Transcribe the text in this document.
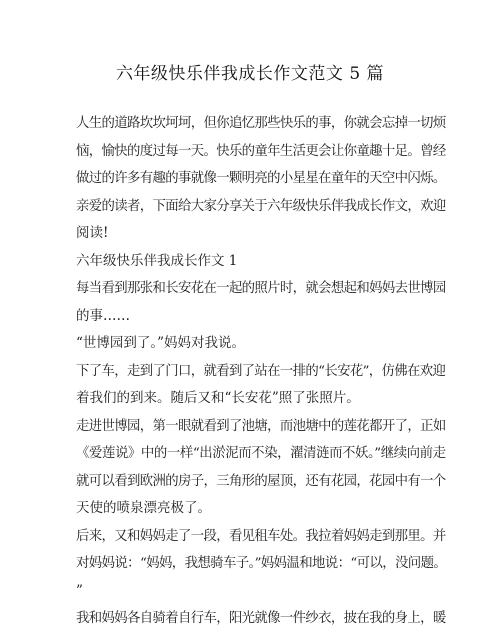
六年级快乐伴我成长作文范文 5 篇
人生的道路坎坎坷坷，但你追忆那些快乐的事，你就会忘掉一切烦
恼，愉快的度过每一天。快乐的童年生活更会让你童趣十足。曾经
做过的许多有趣的事就像一颗明亮的小星星在童年的天空中闪烁。
亲爱的读者，下面给大家分享关于六年级快乐伴我成长作文，欢迎
阅读!
六年级快乐伴我成长作文 1
每当看到那张和长安花在一起的照片时，就会想起和妈妈去世博园
的事……
“世博园到了。”妈妈对我说。
下了车，走到了门口，就看到了站在一排的“长安花”，仿佛在欢迎
着我们的到来。随后又和“长安花”照了张照片。
走进世博园，第一眼就看到了池塘，而池塘中的莲花都开了，正如
《爱莲说》中的一样“出淤泥而不染，濯清涟而不妖。”继续向前走
就可以看到欧洲的房子，三角形的屋顶，还有花园，花园中有一个
天使的喷泉漂亮极了。
后来，又和妈妈走了一段，看见租车处。我拉着妈妈走到那里。并
对妈妈说：“妈妈，我想骑车子。”妈妈温和地说：“可以，没问题。
”
我和妈妈各自骑着自行车，阳光就像一件纱衣，披在我的身上，暖
